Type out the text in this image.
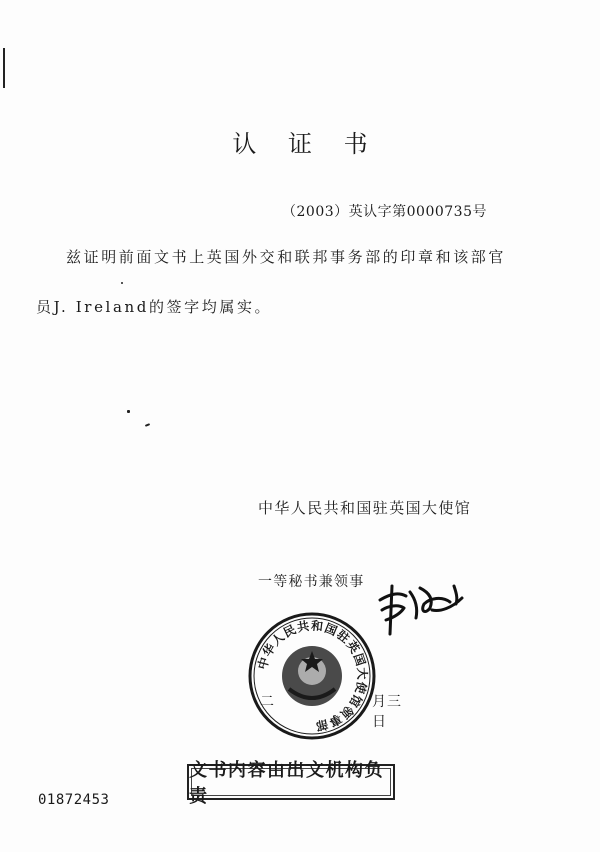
认 证 书
（2003）英认字第0000735号
兹证明前面文书上英国外交和联邦事务部的印章和该部官
员J. Ireland的签字均属实。
中华人民共和国驻英国大使馆
一等秘书兼领事
二	月三日
中华人民共和国驻英国大使馆领事部
文书内容由出文机构负责
01872453
